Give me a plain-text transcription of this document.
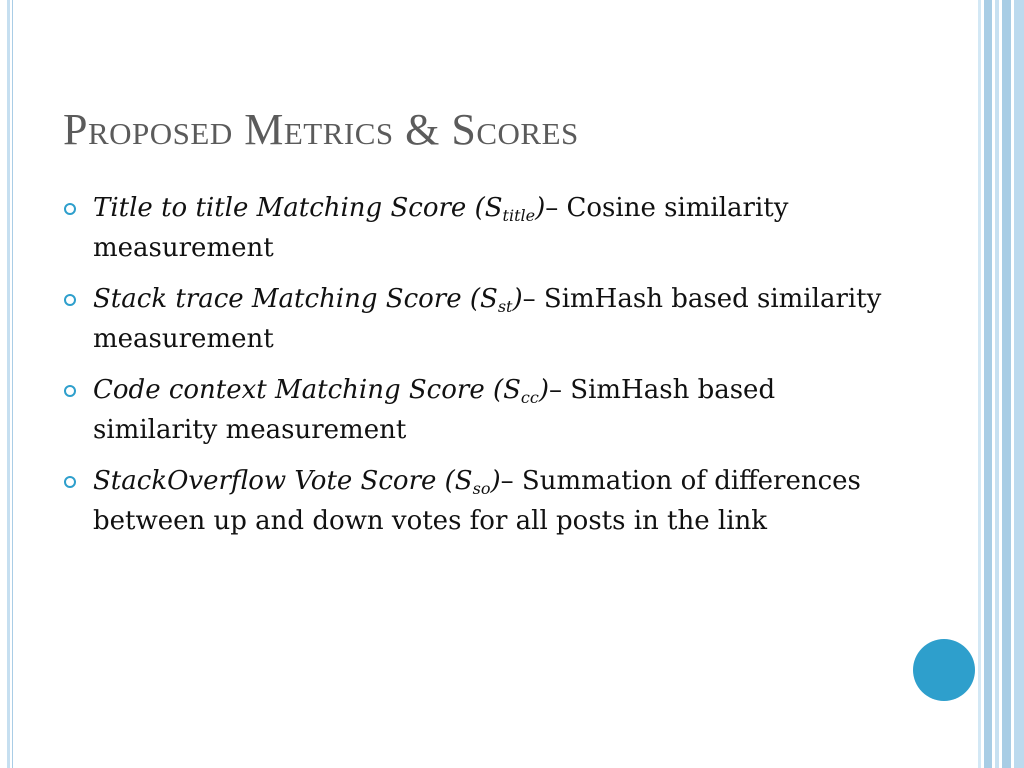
Proposed Metrics & Scores
Title to title Matching Score $(S_{title})-$ Cosine similarity measurement
Stack trace Matching Score $(S_{st})-$ SimHash based similarity measurement
Code context Matching Score $(S_{cc})-$ SimHash based similarity measurement
StackOverflow Vote Score $(S_{so})-$ Summation of differences between up and down votes for all posts in the link
